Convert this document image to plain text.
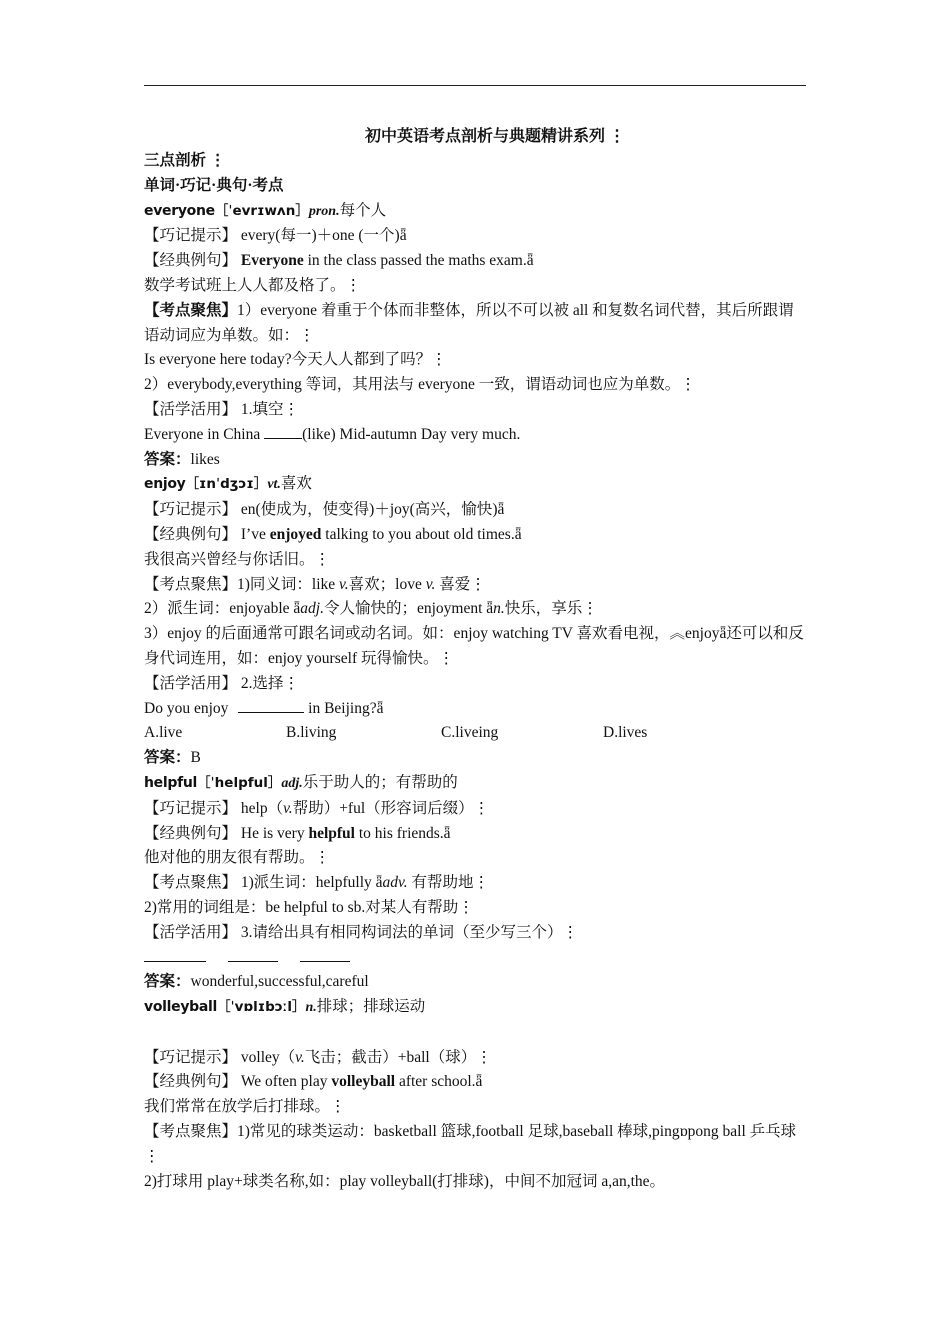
初中英语考点剖析与典题精讲系列 ⋮
三点剖析 ⋮
单词·巧记·典句·考点
everyone［ˈevrɪwʌn］pron.每个人
【巧记提示】 every(每一)＋one (一个)ǟ
【经典例句】 Everyone in the class passed the maths exam.ǟ
数学考试班上人人都及格了。⋮
【考点聚焦】1）everyone 着重于个体而非整体，所以不可以被 all 和复数名词代替，其后所跟谓语动词应为单数。如：⋮
Is everyone here today?今天人人都到了吗？⋮
2）everybody,everything 等词，其用法与 everyone 一致，谓语动词也应为单数。⋮
【活学活用】 1.填空⋮
Everyone in China (like) Mid-autumn Day very much.
答案：likes
enjoy［ɪnˈdʒɔɪ］vt.喜欢
【巧记提示】 en(使成为，使变得)＋joy(高兴，愉快)ǟ
【经典例句】 I’ve enjoyed talking to you about old times.ǟ
我很高兴曾经与你话旧。⋮
【考点聚焦】1)同义词：like v.喜欢；love v. 喜爱⋮
2）派生词：enjoyable ǟadj.令人愉快的；enjoyment ǟn.快乐，享乐⋮
3）enjoy 的后面通常可跟名词或动名词。如：enjoy watching TV 喜欢看电视，︽enjoyǟ还可以和反身代词连用，如：enjoy yourself 玩得愉快。⋮
【活学活用】 2.选择⋮
Do you enjoy	in Beijing?ǟ
A.live	B.living	C.liveing	D.lives
答案：B
helpful［ˈhelpful］adj.乐于助人的；有帮助的
【巧记提示】 help（v.帮助）+ful（形容词后缀）⋮
【经典例句】 He is very helpful to his friends.ǟ
他对他的朋友很有帮助。⋮
【考点聚焦】 1)派生词：helpfully ǟadv. 有帮助地⋮
2)常用的词组是：be helpful to sb.对某人有帮助⋮
【活学活用】 3.请给出具有相同构词法的单词（至少写三个）⋮
答案：wonderful,successful,careful
volleyball［ˈvɒlɪbɔːl］n.排球；排球运动
【巧记提示】 volley（v.飞击；截击）+ball（球）⋮
【经典例句】 We often play volleyball after school.ǟ
我们常常在放学后打排球。⋮
【考点聚焦】1)常见的球类运动：basketball 篮球,football 足球,baseball 棒球,pingɒpong ball 乒乓球 ⋮
2)打球用 play+球类名称,如：play volleyball(打排球)，中间不加冠词 a,an,the。
